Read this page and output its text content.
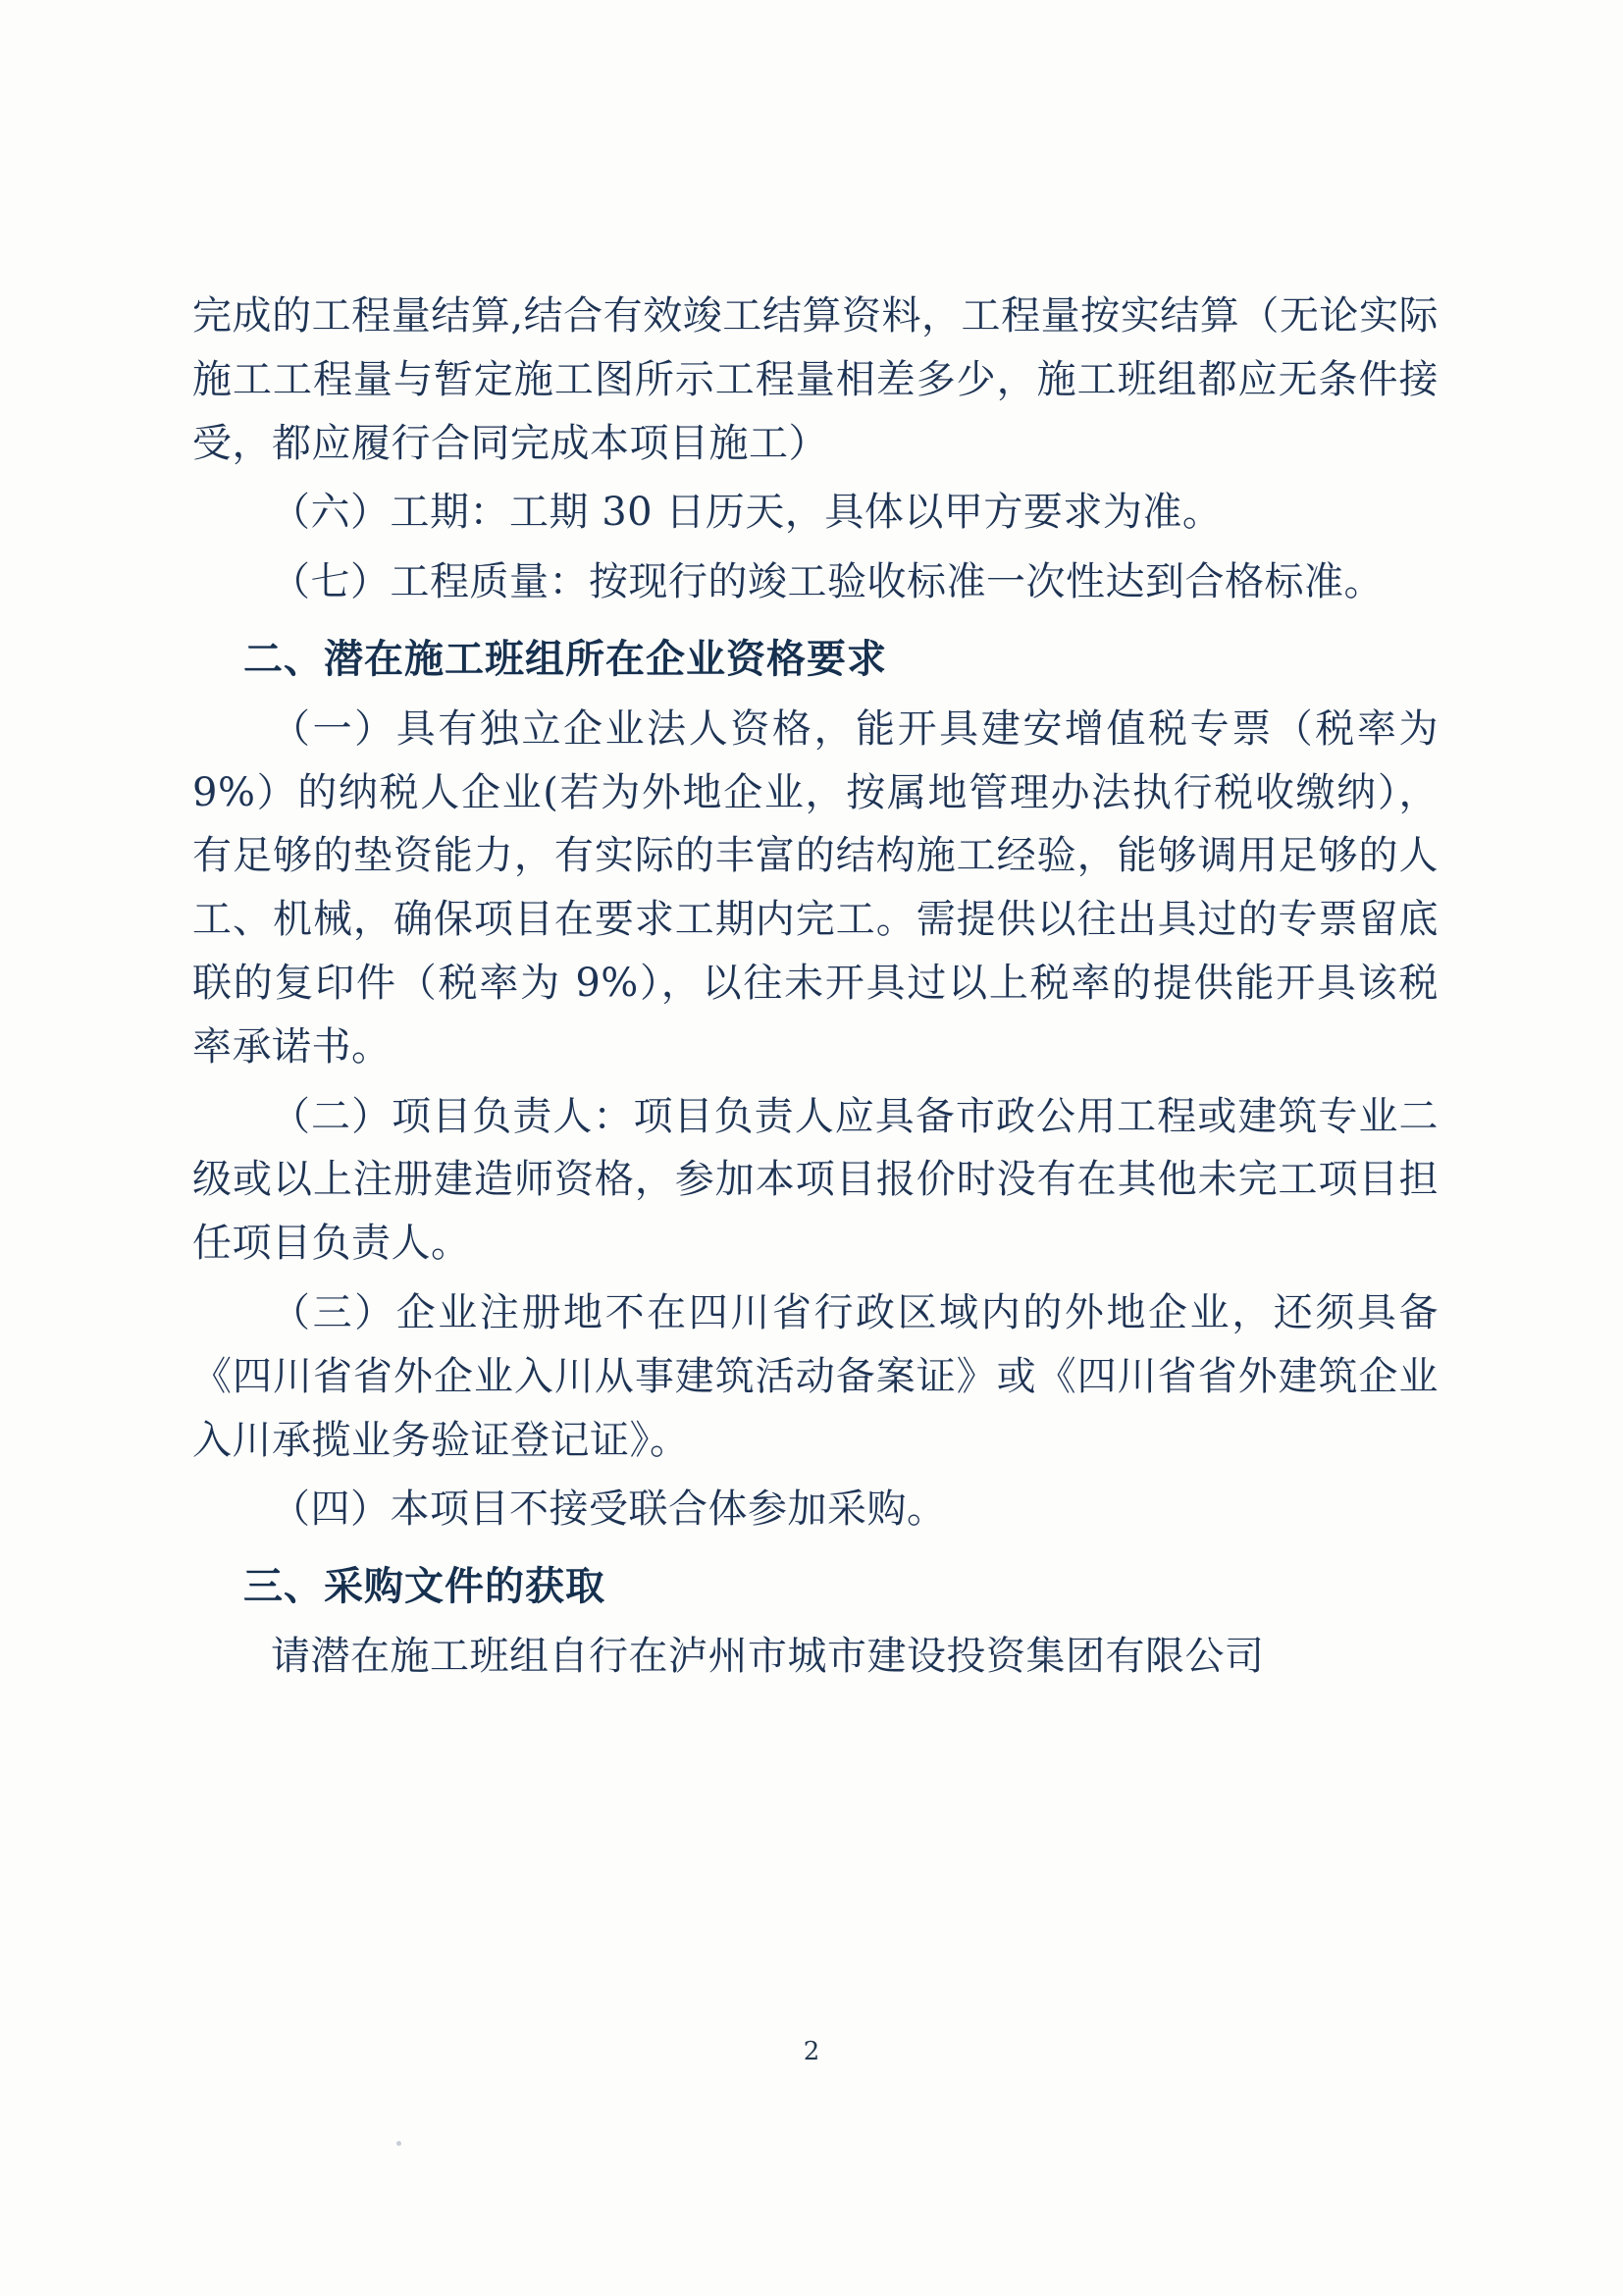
完成的工程量结算,结合有效竣工结算资料，工程量按实结算（无论实际施工工程量与暂定施工图所示工程量相差多少，施工班组都应无条件接受，都应履行合同完成本项目施工）

（六）工期：工期 30 日历天，具体以甲方要求为准。

（七）工程质量：按现行的竣工验收标准一次性达到合格标准。

二、潜在施工班组所在企业资格要求

（一）具有独立企业法人资格，能开具建安增值税专票（税率为 9%）的纳税人企业(若为外地企业，按属地管理办法执行税收缴纳），有足够的垫资能力，有实际的丰富的结构施工经验，能够调用足够的人工、机械，确保项目在要求工期内完工。需提供以往出具过的专票留底联的复印件（税率为 9%），以往未开具过以上税率的提供能开具该税率承诺书。

（二）项目负责人：项目负责人应具备市政公用工程或建筑专业二级或以上注册建造师资格，参加本项目报价时没有在其他未完工项目担任项目负责人。

（三）企业注册地不在四川省行政区域内的外地企业，还须具备《四川省省外企业入川从事建筑活动备案证》或《四川省省外建筑企业入川承揽业务验证登记证》。

（四）本项目不接受联合体参加采购。

三、采购文件的获取

请潜在施工班组自行在泸州市城市建设投资集团有限公司

2
